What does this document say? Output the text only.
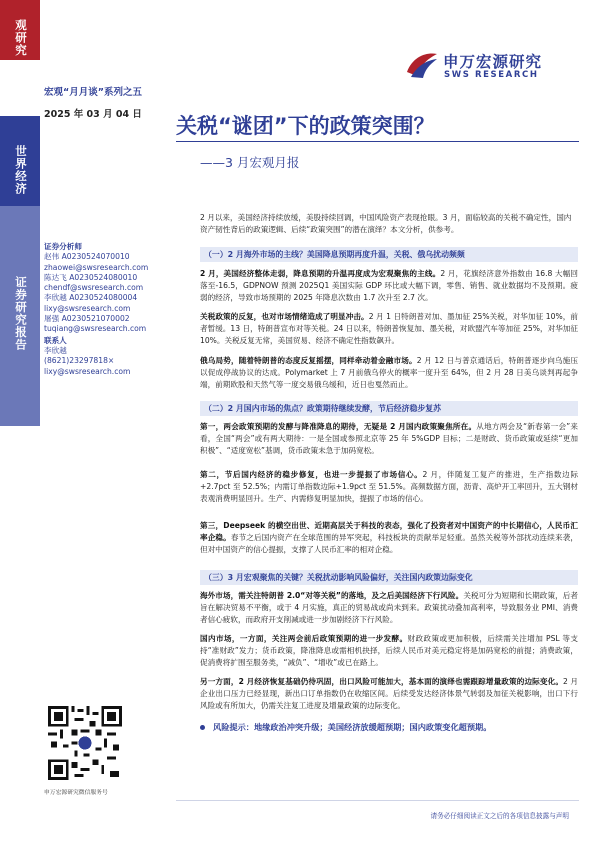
观研究
世界经济
证券研究报告
宏观“月月谈”系列之五
2025 年 03 月 04 日
申万宏源研究
SWS RESEARCH
关税“谜团”下的政策突围？
——3 月宏观月报
2 月以来，美国经济持续放缓，美股持续回调，中国风险资产表现抢眼。3 月，面临较高的关税不确定性，国内资产韧性背后的政策逻辑、后续“政策突围”的潜在演绎？本文分析，供参考。
（一）2 月海外市场的主线？美国降息预期再度升温，关税、俄乌扰动频频
2 月，美国经济整体走弱，降息预期的升温再度成为宏观聚焦的主线。2 月，花旗经济意外指数由 16.8 大幅回落至-16.5，GDPNOW 预测 2025Q1 美国实际 GDP 环比或大幅下调，零售、销售、就业数据均不及预期。疲弱的经济，导致市场预期的 2025 年降息次数由 1.7 次升至 2.7 次。
关税政策的反复，也对市场情绪造成了明显冲击。2 月 1 日特朗普对加、墨加征 25%关税，对华加征 10%，前者暂缓。13 日，特朗普宣布对等关税。24 日以来，特朗普恢复加、墨关税，对欧盟汽车等加征 25%，对华加征 10%。关税反复无常，美国贸易、经济不确定性指数飙升。
俄乌局势，随着特朗普的态度反复摇摆，同样牵动着金融市场。2 月 12 日与普京通话后，特朗普逐步向乌施压以促成停战协议的达成。Polymarket 上 7 月前俄乌停火的概率一度升至 64%，但 2 月 28 日美乌谈判再起争端，前期欧股和天然气等一度交易俄乌缓和，近日也戛然而止。
（二）2 月国内市场的焦点？政策期待继续发酵，节后经济稳步复苏
第一，两会政策预期的发酵与降准降息的期待，无疑是 2 月国内政策聚焦所在。从地方两会及“新春第一会”来看，全国“两会”或有两大期待：一是全国或参照北京等 25 年 5%GDP 目标；二是财政、货币政策或延续“更加积极”、“适度宽松”基调，货币政策未急于加码宽松。
第二，节后国内经济的稳步修复，也进一步提振了市场信心。2 月，伴随复工复产的推进，生产指数边际+2.7pct 至 52.5%；内需订单指数边际+1.9pct 至 51.5%。高频数据方面，沥青、高炉开工率回升，五大钢材表观消费明显回升。生产、内需修复明显加快，提振了市场的信心。
第三，Deepseek 的横空出世、近期高层关于科技的表态，强化了投资者对中国资产的中长期信心，人民币汇率企稳。春节之后国内资产在全球范围的异军突起，科技板块的贡献举足轻重。虽然关税等外部扰动连续来袭，但对中国资产的信心提振，支撑了人民币汇率的相对企稳。
（三）3 月宏观聚焦的关键？关税扰动影响风险偏好，关注国内政策边际变化
海外市场，需关注特朗普 2.0“对等关税”的落地，及之后美国经济下行风险。关税可分为短期和长期政策，后者旨在解决贸易不平衡，或于 4 月实施，真正的贸易战或尚未到来。政策扰动叠加高利率，导致服务业 PMI、消费者信心疲软，而政府开支削减或进一步加剧经济下行风险。
国内市场，一方面，关注两会前后政策预期的进一步发酵。财政政策或更加积极，后续需关注增加 PSL 等支持“准财政”发力；货币政策，降准降息或需相机抉择，后续人民币对美元稳定将是加码宽松的前提；消费政策，促消费将扩围至服务类，“减负”、“增收”或已在路上。
另一方面，2 月经济恢复基础仍待巩固，出口风险可能加大，基本面的演绎也需跟踪增量政策的边际变化。2 月企业出口压力已经显现，新出口订单指数仍在收缩区间。后续受发达经济体景气转弱及加征关税影响，出口下行风险或有所加大，仍需关注复工进度及增量政策的边际变化。
风险提示：地缘政治冲突升级；美国经济放缓超预期；国内政策变化超预期。
证券分析师
赵伟 A0230524070010
zhaowei@swsresearch.com
陈达飞 A0230524080010
chendf@swsresearch.com
李欣越 A0230524080004
lixy@swsresearch.com
屠强 A0230521070002
tuqiang@swsresearch.com
联系人
李欣越
(8621)23297818×
lixy@swsresearch.com
申万宏源研究微信服务号
请务必仔细阅读正文之后的各项信息披露与声明
